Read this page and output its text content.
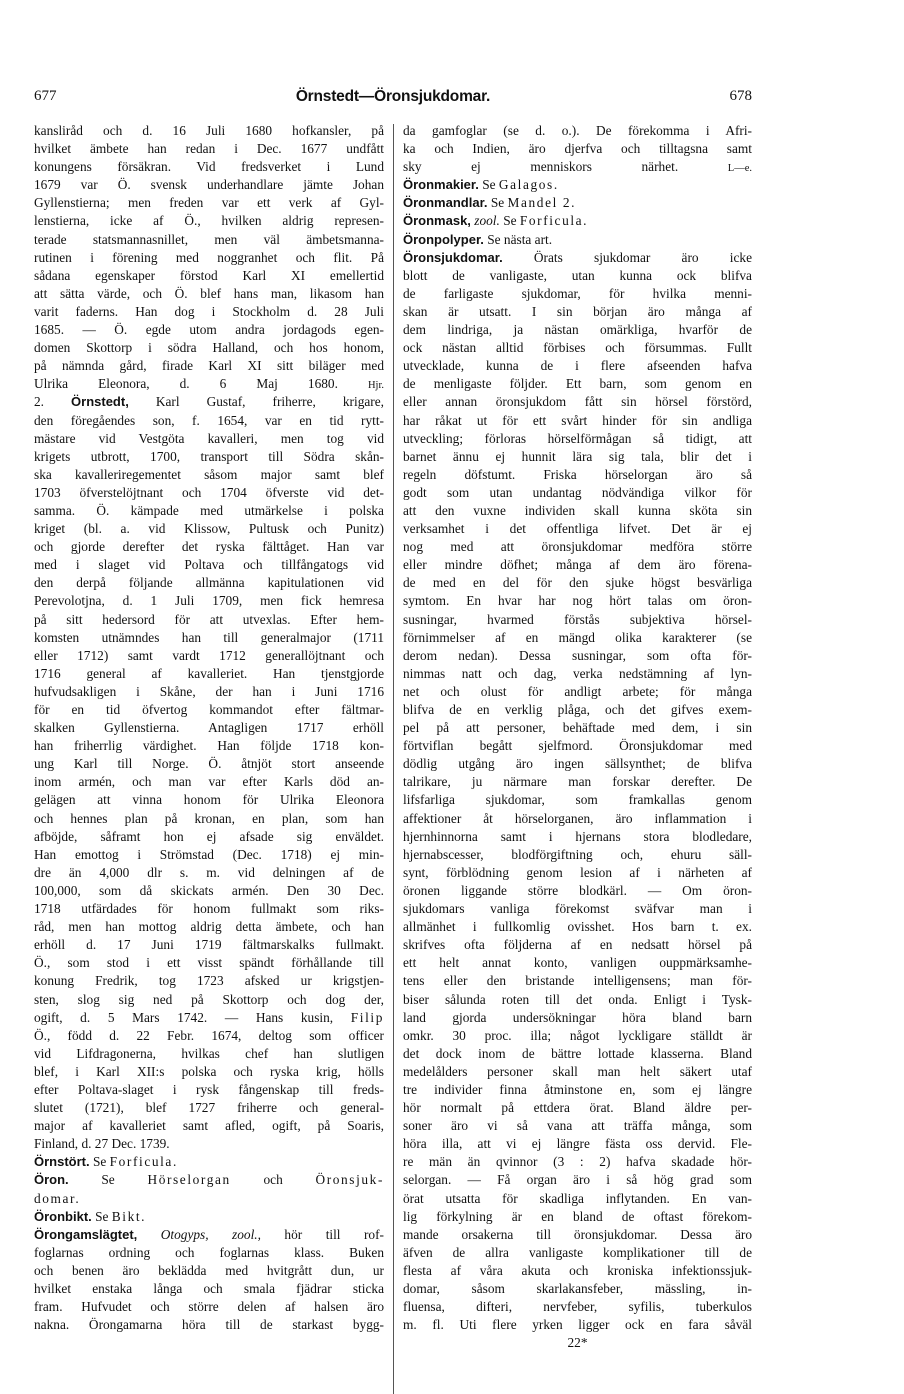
677	Örnstedt—Öronsjukdomar.	678
kanslіråd och d. 16 Juli 1680 hofkansler, på
hvilket ämbete han redan i Dec. 1677 undfått
konungens försäkran. Vid fredsverket i Lund
1679 var Ö. svensk underhandlare jämte Johan
Gyllenstierna; men freden var ett verk af Gyl-
lenstierna, icke af Ö., hvilken aldrig represen-
terade statsmannasnillet, men väl ämbetsmanna-
rutinen i förening med noggranhet och flit. På
sådana egenskaper förstod Karl XI emellertid
att sätta värde, och Ö. blef hans man, likasom han
varit faderns. Han dog i Stockholm d. 28 Juli
1685. — Ö. egde utom andra jordagods egen-
domen Skottorp i södra Halland, och hos honom,
på nämnda gård, firade Karl XI sitt biläger med
Ulrika Eleonora, d. 6 Maj 1680.	Hjr.
2. Örnstedt, Karl Gustaf, friherre, krigare,
den föregåendes son, f. 1654, var en tid rytt-
mästare vid Vestgöta kavalleri, men tog vid
krigets utbrott, 1700, transport till Södra skån-
ska kavalleriregementet såsom major samt blef
1703 öfverstelöjtnant och 1704 öfverste vid det-
samma. Ö. kämpade med utmärkelse i polska
kriget (bl. a. vid Klissow, Pultusk och Punitz)
och gjorde derefter det ryska fälttåget. Han var
med i slaget vid Poltava och tillfångatogs vid
den derpå följande allmänna kapitulationen vid
Perevolotjna, d. 1 Juli 1709, men fick hemresa
på sitt hedersord för att utvexlas. Efter hem-
komsten utnämndes han till generalmajor (1711
eller 1712) samt vardt 1712 generallöjtnant och
1716 general af kavalleriet. Han tjenstgjorde
hufvudsakligen i Skåne, der han i Juni 1716
för en tid öfvertog kommandot efter fältmar-
skalken Gyllenstierna. Antagligen 1717 erhöll
han friherrlig värdighet. Han följde 1718 kon-
ung Karl till Norge. Ö. åtnjöt stort anseende
inom armén, och man var efter Karls död an-
gelägen att vinna honom för Ulrika Eleonora
och hennes plan på kronan, en plan, som han
afböjde, såframt hon ej afsade sig enväldet.
Han emottog i Strömstad (Dec. 1718) ej min-
dre än 4,000 dlr s. m. vid delningen af de
100,000, som då skickats armén. Den 30 Dec.
1718 utfärdades för honom fullmakt som riks-
råd, men han mottog aldrig detta ämbete, och han
erhöll d. 17 Juni 1719 fältmarskalks fullmakt.
Ö., som stod i ett visst spändt förhållande till
konung Fredrik, tog 1723 afsked ur krigstjen-
sten, slog sig ned på Skottorp och dog der,
ogift, d. 5 Mars 1742. — Hans kusin, Filip
Ö., född d. 22 Febr. 1674, deltog som officer
vid Lifdragonerna, hvilkas chef han slutligen
blef, i Karl XII:s polska och ryska krig, hölls
efter Poltava-slaget i rysk fångenskap till freds-
slutet (1721), blef 1727 friherre och general-
major af kavalleriet samt afled, ogift, på Soaris,
Finland, d. 27 Dec. 1739.
Örnstört. Se Forficula.
Öron. Se Hörselorgan och Öronsjuk-
domar.
Öronbikt. Se Bikt.
Örongamslägtet, Otogyps, zool., hör till rof-
foglarnas ordning och foglarnas klass. Buken
och benen äro beklädda med hvitgrått dun, ur
hvilket enstaka långa och smala fjädrar sticka
fram. Hufvudet och större delen af halsen äro
nakna. Örongamarna höra till de starkast bygg-
da gamfoglar (se d. o.). De förekomma i Afri-
ka och Indien, äro djerfva och tilltagsna samt
sky ej menniskors närhet.	L—e.
Öronmakier. Se Galagos.
Öronmandlar. Se Mandel 2.
Öronmask, zool. Se Forficula.
Öronpolyper. Se nästa art.
Öronsjukdomar. Örats sjukdomar äro icke
blott de vanligaste, utan kunna ock blifva
de farligaste sjukdomar, för hvilka menni-
skan är utsatt. I sin början äro många af
dem lindriga, ja nästan omärkliga, hvarför de
ock nästan alltid förbises och försummas. Fullt
utvecklade, kunna de i flere afseenden hafva
de menligaste följder. Ett barn, som genom en
eller annan öronsjukdom fått sin hörsel förstörd,
har råkat ut för ett svårt hinder för sin andliga
utveckling; förloras hörselförmågan så tidigt, att
barnet ännu ej hunnit lära sig tala, blir det i
regeln döfstumt. Friska hörselorgan äro så
godt som utan undantag nödvändiga vilkor för
att den vuxne individen skall kunna sköta sin
verksamhet i det offentliga lifvet. Det är ej
nog med att öronsjukdomar medföra större
eller mindre döfhet; många af dem äro förena-
de med en del för den sjuke högst besvärliga
symtom. En hvar har nog hört talas om öron-
susningar, hvarmed förstås subjektiva hörsel-
förnimmelser af en mängd olika karakterer (se
derom nedan). Dessa susningar, som ofta för-
nimmas natt och dag, verka nedstämning af lyn-
net och olust för andligt arbete; för många
blifva de en verklig plåga, och det gifves exem-
pel på att personer, behäftade med dem, i sin
förtviflan begått sjelfmord. Öronsjukdomar med
dödlig utgång äro ingen sällsynthet; de blifva
talrikare, ju närmare man forskar derefter. De
lifsfarliga sjukdomar, som framkallas genom
affektioner åt hörselorganen, äro inflammation i
hjernhinnorna samt i hjernans stora blodledare,
hjernabscesser, blodförgiftning och, ehuru säll-
synt, förblödning genom lesion af i närheten af
öronen liggande större blodkärl. — Om öron-
sjukdomars vanliga förekomst sväfvar man i
allmänhet i fullkomlig ovisshet. Hos barn t. ex.
skrifves ofta följderna af en nedsatt hörsel på
ett helt annat konto, vanligen ouppmärksamhe-
tens eller den bristande intelligensens; man för-
biser sålunda roten till det onda. Enligt i Tysk-
land gjorda undersökningar höra bland barn
omkr. 30 proc. illa; något lyckligare ställdt är
det dock inom de bättre lottade klasserna. Bland
medelålders personer skall man helt säkert utaf
tre individer finna åtminstone en, som ej längre
hör normalt på ettdera örat. Bland äldre per-
soner äro vi så vana att träffa många, som
höra illa, att vi ej längre fästa oss dervid. Fle-
re män än qvinnor (3 : 2) hafva skadade hör-
selorgan. — Få organ äro i så hög grad som
örat utsatta för skadliga inflytanden. En van-
lig förkylning är en bland de oftast förekom-
mande orsakerna till öronsjukdomar. Dessa äro
äfven de allra vanligaste komplikationer till de
flesta af våra akuta och kroniska infektionssjuk-
domar, såsom skarlakansfeber, mässling, in-
fluensa, difteri, nervfeber, syfilis, tuberkulos
m. fl. Uti flere yrken ligger ock en fara såväl
22*
